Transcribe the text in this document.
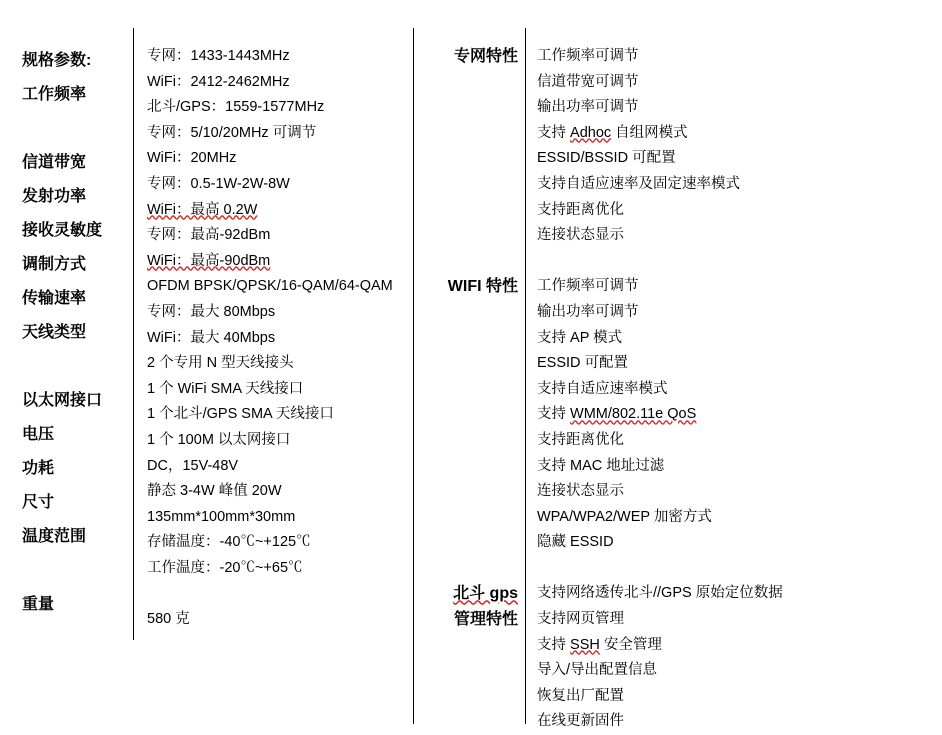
规格参数:
工作频率
信道带宽
发射功率
接收灵敏度
调制方式
传输速率
天线类型
以太网接口
电压
功耗
尺寸
温度范围
重量
专网：1433-1443MHz
WiFi：2412-2462MHz
北斗/GPS：1559-1577MHz
专网：5/10/20MHz 可调节
WiFi：20MHz
专网：0.5-1W-2W-8W
WiFi：最高 0.2W
专网：最高-92dBm
WiFi：最高-90dBm
OFDM BPSK/QPSK/16-QAM/64-QAM
专网：最大 80Mbps
WiFi：最大 40Mbps
2 个专用 N 型天线接头
1 个 WiFi SMA 天线接口
1 个北斗/GPS SMA 天线接口
1 个 100M 以太网接口
DC，15V-48V
静态 3-4W 峰值 20W
135mm*100mm*30mm
存储温度：-40℃~+125℃
工作温度：-20℃~+65℃
580 克
专网特性
WIFI 特性
北斗 gps
管理特性
工作频率可调节
信道带宽可调节
输出功率可调节
支持 Adhoc 自组网模式
ESSID/BSSID 可配置
支持自适应速率及固定速率模式
支持距离优化
连接状态显示
工作频率可调节
输出功率可调节
支持 AP 模式
ESSID 可配置
支持自适应速率模式
支持 WMM/802.11e QoS
支持距离优化
支持 MAC 地址过滤
连接状态显示
WPA/WPA2/WEP 加密方式
隐藏 ESSID
支持网络透传北斗//GPS 原始定位数据
支持网页管理
支持 SSH 安全管理
导入/导出配置信息
恢复出厂配置
在线更新固件
